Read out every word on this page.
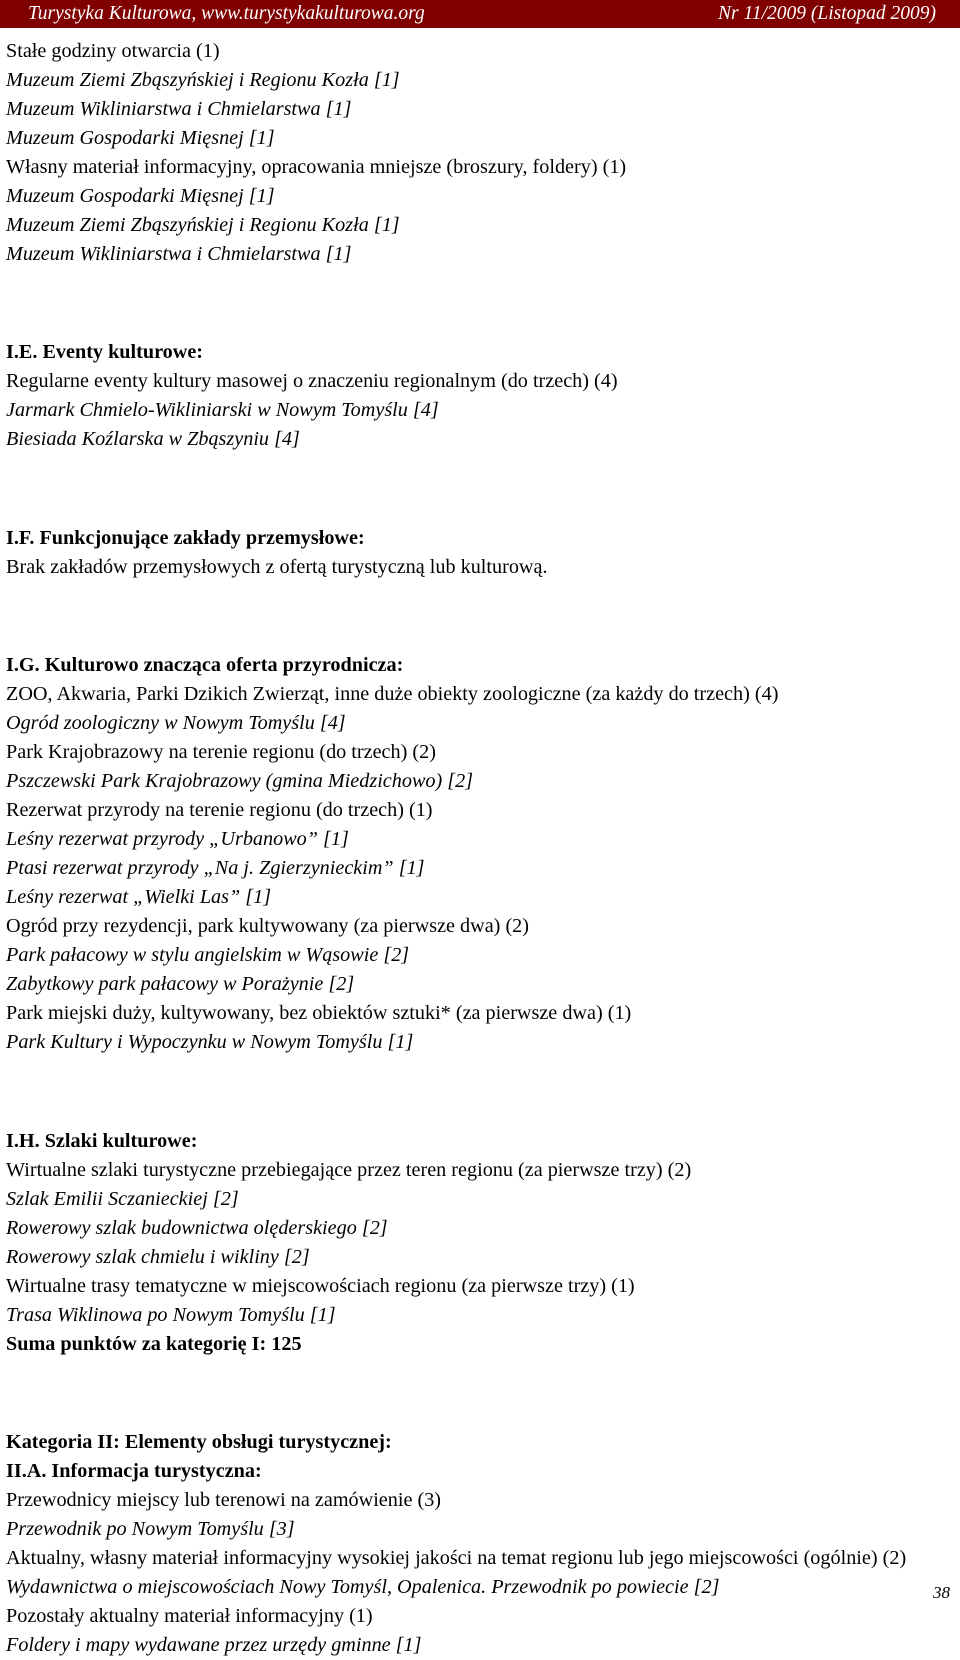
Turystyka Kulturowa, www.turystykakulturowa.org	Nr 11/2009 (Listopad 2009)

Stałe godziny otwarcia (1)

Muzeum Ziemi Zbąszyńskiej i Regionu Kozła [1]

Muzeum Wikliniarstwa i Chmielarstwa [1]

Muzeum Gospodarki Mięsnej [1]

Własny materiał informacyjny, opracowania mniejsze (broszury, foldery) (1)

Muzeum Gospodarki Mięsnej [1]

Muzeum Ziemi Zbąszyńskiej i Regionu Kozła [1]

Muzeum Wikliniarstwa i Chmielarstwa [1]

I.E. Eventy kulturowe:

Regularne eventy kultury masowej o znaczeniu regionalnym (do trzech) (4)

Jarmark Chmielo-Wikliniarski w Nowym Tomyślu [4]

Biesiada Koźlarska w Zbąszyniu [4]

I.F. Funkcjonujące zakłady przemysłowe:

Brak zakładów przemysłowych z ofertą turystyczną lub kulturową.

I.G. Kulturowo znacząca oferta przyrodnicza:

ZOO, Akwaria, Parki Dzikich Zwierząt, inne duże obiekty zoologiczne (za każdy do trzech) (4)

Ogród zoologiczny w Nowym Tomyślu [4]

Park Krajobrazowy na terenie regionu (do trzech) (2)

Pszczewski Park Krajobrazowy (gmina Miedzichowo) [2]

Rezerwat przyrody na terenie regionu (do trzech) (1)

Leśny rezerwat przyrody „Urbanowo” [1]

Ptasi rezerwat przyrody „Na j. Zgierzynieckim” [1]

Leśny rezerwat „Wielki Las” [1]

Ogród przy rezydencji, park kultywowany (za pierwsze dwa) (2)

Park pałacowy w stylu angielskim w Wąsowie [2]

Zabytkowy park pałacowy w Porażynie [2]

Park miejski duży, kultywowany, bez obiektów sztuki* (za pierwsze dwa) (1)

Park Kultury i Wypoczynku w Nowym Tomyślu [1]

I.H. Szlaki kulturowe:

Wirtualne szlaki turystyczne przebiegające przez teren regionu (za pierwsze trzy) (2)

Szlak Emilii Sczanieckiej [2]

Rowerowy szlak budownictwa olęderskiego [2]

Rowerowy szlak chmielu i wikliny [2]

Wirtualne trasy tematyczne w miejscowościach regionu (za pierwsze trzy) (1)

Trasa Wiklinowa po Nowym Tomyślu [1]

Suma punktów za kategorię I: 125

Kategoria II: Elementy obsługi turystycznej:

II.A. Informacja turystyczna:

Przewodnicy miejscy lub terenowi na zamówienie (3)

Przewodnik po Nowym Tomyślu [3]

Aktualny, własny materiał informacyjny wysokiej jakości na temat regionu lub jego miejscowości (ogólnie) (2)

Wydawnictwa o miejscowościach Nowy Tomyśl, Opalenica. Przewodnik po powiecie [2]

Pozostały aktualny materiał informacyjny (1)

Foldery i mapy wydawane przez urzędy gminne [1]

38
